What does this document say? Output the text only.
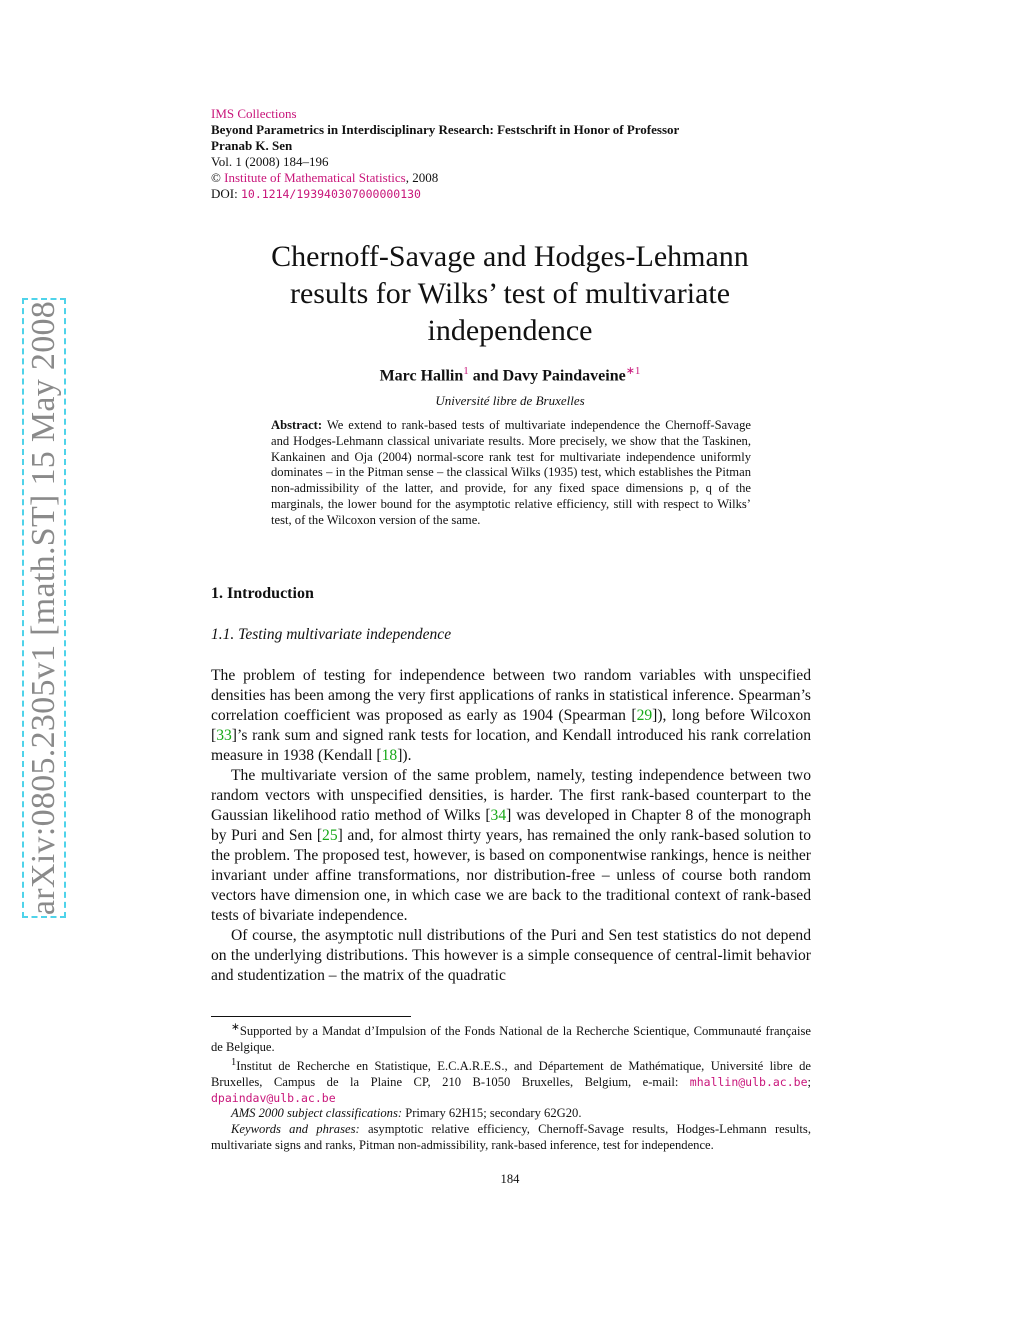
arXiv:0805.2305v1 [math.ST] 15 May 2008
IMS Collections
Beyond Parametrics in Interdisciplinary Research: Festschrift in Honor of Professor
Pranab K. Sen
Vol. 1 (2008) 184–196
© Institute of Mathematical Statistics, 2008
DOI: 10.1214/193940307000000130
Chernoff-Savage and Hodges-Lehmann
results for Wilks’ test of multivariate
independence
Marc Hallin$^1$ and Davy Paindaveine$^{∗1}$
Université libre de Bruxelles
Abstract: We extend to rank-based tests of multivariate independence the Chernoff-Savage and Hodges-Lehmann classical univariate results. More precisely, we show that the Taskinen, Kankainen and Oja (2004) normal-score rank test for multivariate independence uniformly dominates – in the Pitman sense – the classical Wilks (1935) test, which establishes the Pitman non-admissibility of the latter, and provide, for any fixed space dimensions p, q of the marginals, the lower bound for the asymptotic relative efficiency, still with respect to Wilks’ test, of the Wilcoxon version of the same.
1. Introduction
1.1. Testing multivariate independence

The problem of testing for independence between two random variables with unspecified densities has been among the very first applications of ranks in statistical inference. Spearman’s correlation coefficient was proposed as early as 1904 (Spearman [29]), long before Wilcoxon [33]’s rank sum and signed rank tests for location, and Kendall introduced his rank correlation measure in 1938 (Kendall [18]).

The multivariate version of the same problem, namely, testing independence between two random vectors with unspecified densities, is harder. The first rank-based counterpart to the Gaussian likelihood ratio method of Wilks [34] was developed in Chapter 8 of the monograph by Puri and Sen [25] and, for almost thirty years, has remained the only rank-based solution to the problem. The proposed test, however, is based on componentwise rankings, hence is neither invariant under affine transformations, nor distribution-free – unless of course both random vectors have dimension one, in which case we are back to the traditional context of rank-based tests of bivariate independence.

Of course, the asymptotic null distributions of the Puri and Sen test statistics do not depend on the underlying distributions. This however is a simple consequence of central-limit behavior and studentization – the matrix of the quadratic

∗Supported by a Mandat d’Impulsion of the Fonds National de la Recherche Scientique, Communauté française de Belgique.

$^1$Institut de Recherche en Statistique, E.C.A.R.E.S., and Département de Mathématique, Université libre de Bruxelles, Campus de la Plaine CP, 210 B-1050 Bruxelles, Belgium, e-mail: mhallin@ulb.ac.be; dpaindav@ulb.ac.be

AMS 2000 subject classifications: Primary 62H15; secondary 62G20.

Keywords and phrases: asymptotic relative efficiency, Chernoff-Savage results, Hodges-Lehmann results, multivariate signs and ranks, Pitman non-admissibility, rank-based inference, test for independence.

184
